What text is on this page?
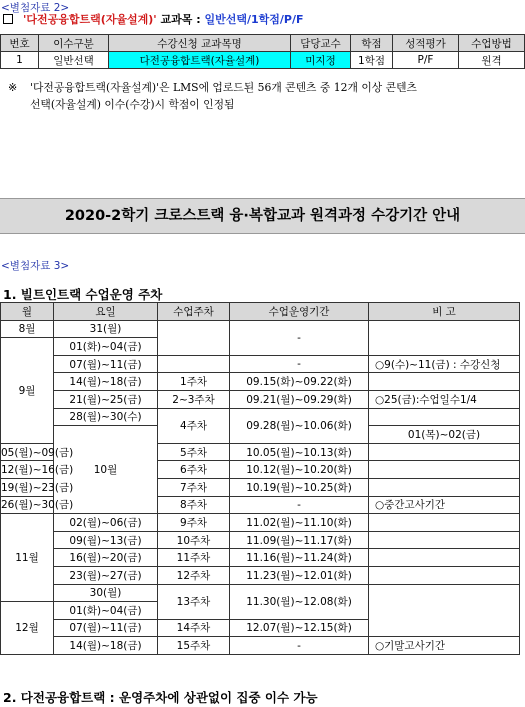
<별첨자료 2>
'다전공융합트랙(자율설계)' 교과목 : 일반선택/1학점/P/F
번호	이수구분	수강신청 교과목명	담당교수	학점	성적평가	수업방법
1	일반선택	다전공융합트랙(자율설계)	미지정	1학점	P/F	원격
※ '다전공융합트랙(자율설계)'은 LMS에 업로드된 56개 콘텐츠 중 12개 이상 콘텐츠
선택(자율설계) 이수(수강)시 학점이 인정됨
2020-2학기 크로스트랙 융·복합교과 원격과정 수강기간 안내
<별첨자료 3>
1. 빌트인트랙 수업운영 주차
월	요일	수업주차	수업운영기간	비 고	
8월	31(월)		-		
9월	01(화)~04(금)				
	07(월)~11(금)		-	○9(수)~11(금) : 수강신청	
	14(월)~18(금)	1주차	09.15(화)~09.22(화)		
	21(월)~25(금)	2~3주차	09.21(월)~09.29(화)	○25(금):수업일수1/4	
	28(월)~30(수)	4주차	09.28(월)~10.06(화)		
	10월			01(목)~02(금)	
05(월)~09(금)		5주차	10.05(월)~10.13(화)		
12(월)~16(금)		6주차	10.12(월)~10.20(화)		
19(월)~23(금)		7주차	10.19(월)~10.25(화)		
26(월)~30(금)		8주차	-	○중간고사기간	
11월	02(월)~06(금)	9주차	11.02(월)~11.10(화)		
	09(월)~13(금)	10주차	11.09(월)~11.17(화)		
	16(월)~20(금)	11주차	11.16(월)~11.24(화)		
	23(월)~27(금)	12주차	11.23(월)~12.01(화)		
	30(월)	13주차	11.30(월)~12.08(화)		
12월	01(화)~04(금)				
	07(월)~11(금)	14주차	12.07(월)~12.15(화)		
	14(월)~18(금)	15주차	-	○기말고사기간	
2. 다전공융합트랙 : 운영주차에 상관없이 집중 이수 가능
